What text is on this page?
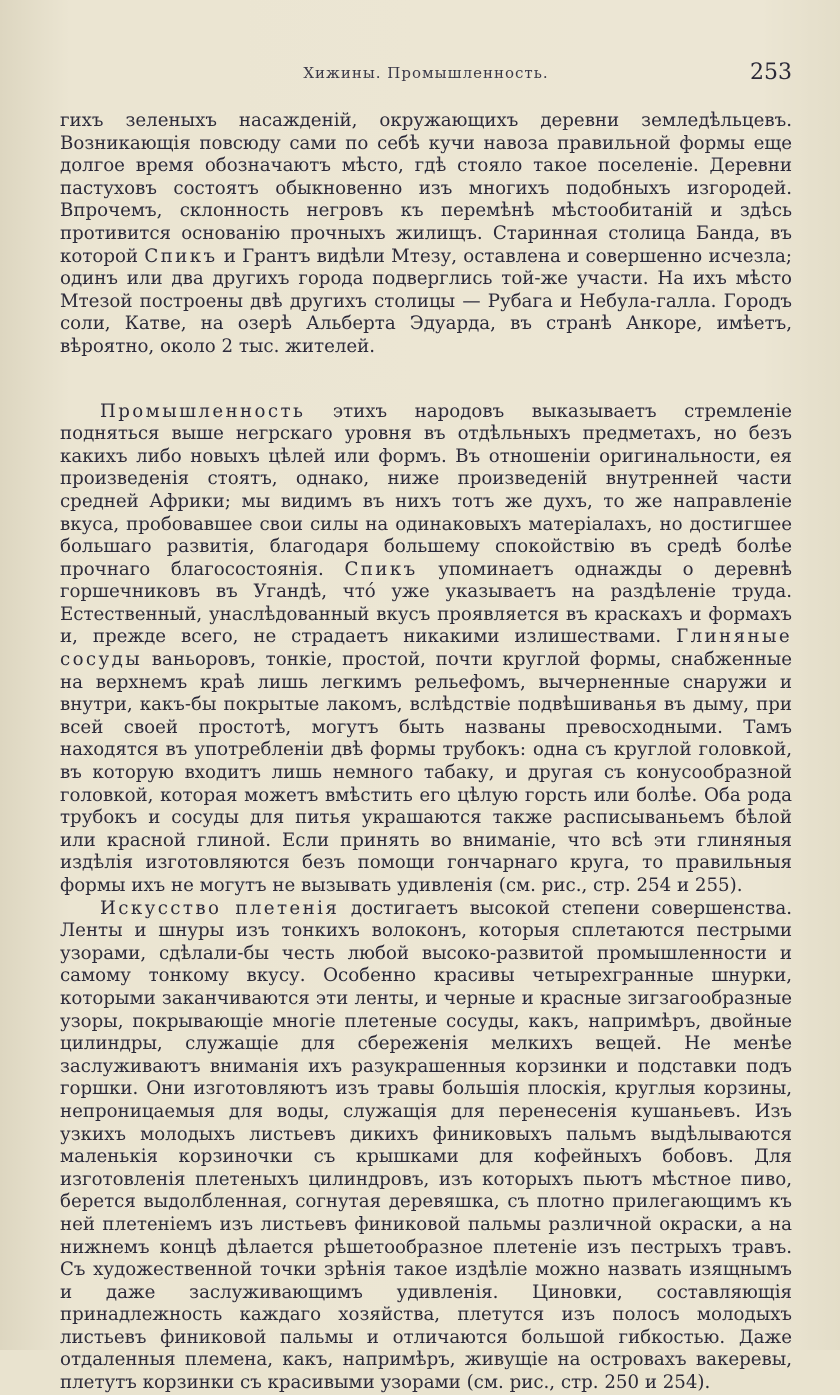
Хижины. Промышленность.	253

гихъ зеленыхъ насажденій, окружающихъ деревни земледѣльцевъ. Возникающія повсюду сами по себѣ кучи навоза правильной формы еще долгое время обозначаютъ мѣсто, гдѣ стояло такое поселеніе. Деревни пастуховъ состоятъ обыкновенно изъ многихъ подобныхъ изгородей. Впрочемъ, склонность негровъ къ перемѣнѣ мѣстообитаній и здѣсь противится основанію прочныхъ жилищъ. Старинная столица Банда, въ которой Спикъ и Грантъ видѣли Мтезу, оставлена и совершенно исчезла; одинъ или два другихъ города подверглись той-же участи. На ихъ мѣсто Мтезой построены двѣ другихъ столицы — Рубага и Небула-галла. Городъ соли, Катве, на озерѣ Альберта Эдуарда, въ странѣ Анкоре, имѣетъ, вѣроятно, около 2 тыс. жителей.

Промышленность этихъ народовъ выказываетъ стремленіе подняться выше негрскаго уровня въ отдѣльныхъ предметахъ, но безъ какихъ либо новыхъ цѣлей или формъ. Въ отношеніи оригинальности, ея произведенія стоятъ, однако, ниже произведеній внутренней части средней Африки; мы видимъ въ нихъ тотъ же духъ, то же направленіе вкуса, пробовавшее свои силы на одинаковыхъ матеріалахъ, но достигшее большаго развитія, благодаря большему спокойствію въ средѣ болѣе прочнаго благосостоянія. Спикъ упоминаетъ однажды о деревнѣ горшечниковъ въ Угандѣ, что́ уже указываетъ на раздѣленіе труда. Естественный, унаслѣдованный вкусъ проявляется въ краскахъ и формахъ и, прежде всего, не страдаетъ никакими излишествами. Глиняные сосуды ваньоровъ, тонкіе, простой, почти круглой формы, снабженные на верхнемъ краѣ лишь легкимъ рельефомъ, вычерненные снаружи и внутри, какъ-бы покрытые лакомъ, вслѣдствіе подвѣшиванья въ дыму, при всей своей простотѣ, могутъ быть названы превосходными. Тамъ находятся въ употребленіи двѣ формы трубокъ: одна съ круглой головкой, въ которую входитъ лишь немного табаку, и другая съ конусообразной головкой, которая можетъ вмѣстить его цѣлую горсть или болѣе. Оба рода трубокъ и сосуды для питья украшаются также расписываньемъ бѣлой или красной глиной. Если принять во вниманіе, что всѣ эти глиняныя издѣлія изготовляются безъ помощи гончарнаго круга, то правильныя формы ихъ не могутъ не вызывать удивленія (см. рис., стр. 254 и 255).

Искусство плетенія достигаетъ высокой степени совершенства. Ленты и шнуры изъ тонкихъ волоконъ, которыя сплетаются пестрыми узорами, сдѣлали-бы честь любой высоко-развитой промышленности и самому тонкому вкусу. Особенно красивы четырехгранные шнурки, которыми заканчиваются эти ленты, и черные и красные зигзагообразные узоры, покрывающіе многіе плетеные сосуды, какъ, напримѣръ, двойные цилиндры, служащіе для сбереженія мелкихъ вещей. Не менѣе заслуживаютъ вниманія ихъ разукрашенныя корзинки и подставки подъ горшки. Они изготовляютъ изъ травы большія плоскія, круглыя корзины, непроницаемыя для воды, служащія для перенесенія кушаньевъ. Изъ узкихъ молодыхъ листьевъ дикихъ финиковыхъ пальмъ выдѣлываются маленькія корзиночки съ крышками для кофейныхъ бобовъ. Для изготовленія плетеныхъ цилиндровъ, изъ которыхъ пьютъ мѣстное пиво, берется выдолбленная, согнутая деревяшка, съ плотно прилегающимъ къ ней плетеніемъ изъ листьевъ финиковой пальмы различной окраски, а на нижнемъ концѣ дѣлается рѣшетообразное плетеніе изъ пестрыхъ травъ. Съ художественной точки зрѣнія такое издѣліе можно назвать изящнымъ и даже заслуживающимъ удивленія. Циновки, составляющія принадлежность каждаго хозяйства, плетутся изъ полосъ молодыхъ листьевъ финиковой пальмы и отличаются большой гибкостью. Даже отдаленныя племена, какъ, напримѣръ, живущіе на островахъ вакеревы, плетутъ корзинки съ красивыми узорами (см. рис., стр. 250 и 254).
